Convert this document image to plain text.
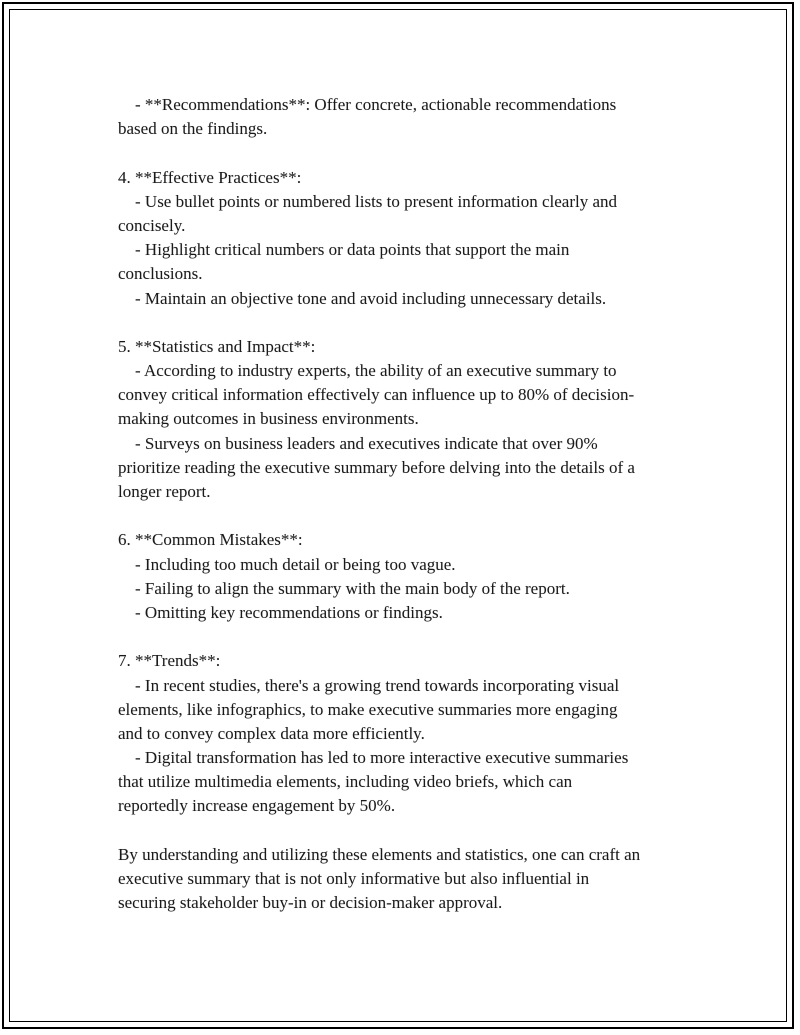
- **Recommendations**: Offer concrete, actionable recommendations
based on the findings.
4. **Effective Practices**:
- Use bullet points or numbered lists to present information clearly and
concisely.
- Highlight critical numbers or data points that support the main
conclusions.
- Maintain an objective tone and avoid including unnecessary details.
5. **Statistics and Impact**:
- According to industry experts, the ability of an executive summary to
convey critical information effectively can influence up to 80% of decision-
making outcomes in business environments.
- Surveys on business leaders and executives indicate that over 90%
prioritize reading the executive summary before delving into the details of a
longer report.
6. **Common Mistakes**:
- Including too much detail or being too vague.
- Failing to align the summary with the main body of the report.
- Omitting key recommendations or findings.
7. **Trends**:
- In recent studies, there's a growing trend towards incorporating visual
elements, like infographics, to make executive summaries more engaging
and to convey complex data more efficiently.
- Digital transformation has led to more interactive executive summaries
that utilize multimedia elements, including video briefs, which can
reportedly increase engagement by 50%.
By understanding and utilizing these elements and statistics, one can craft an
executive summary that is not only informative but also influential in
securing stakeholder buy-in or decision-maker approval.
